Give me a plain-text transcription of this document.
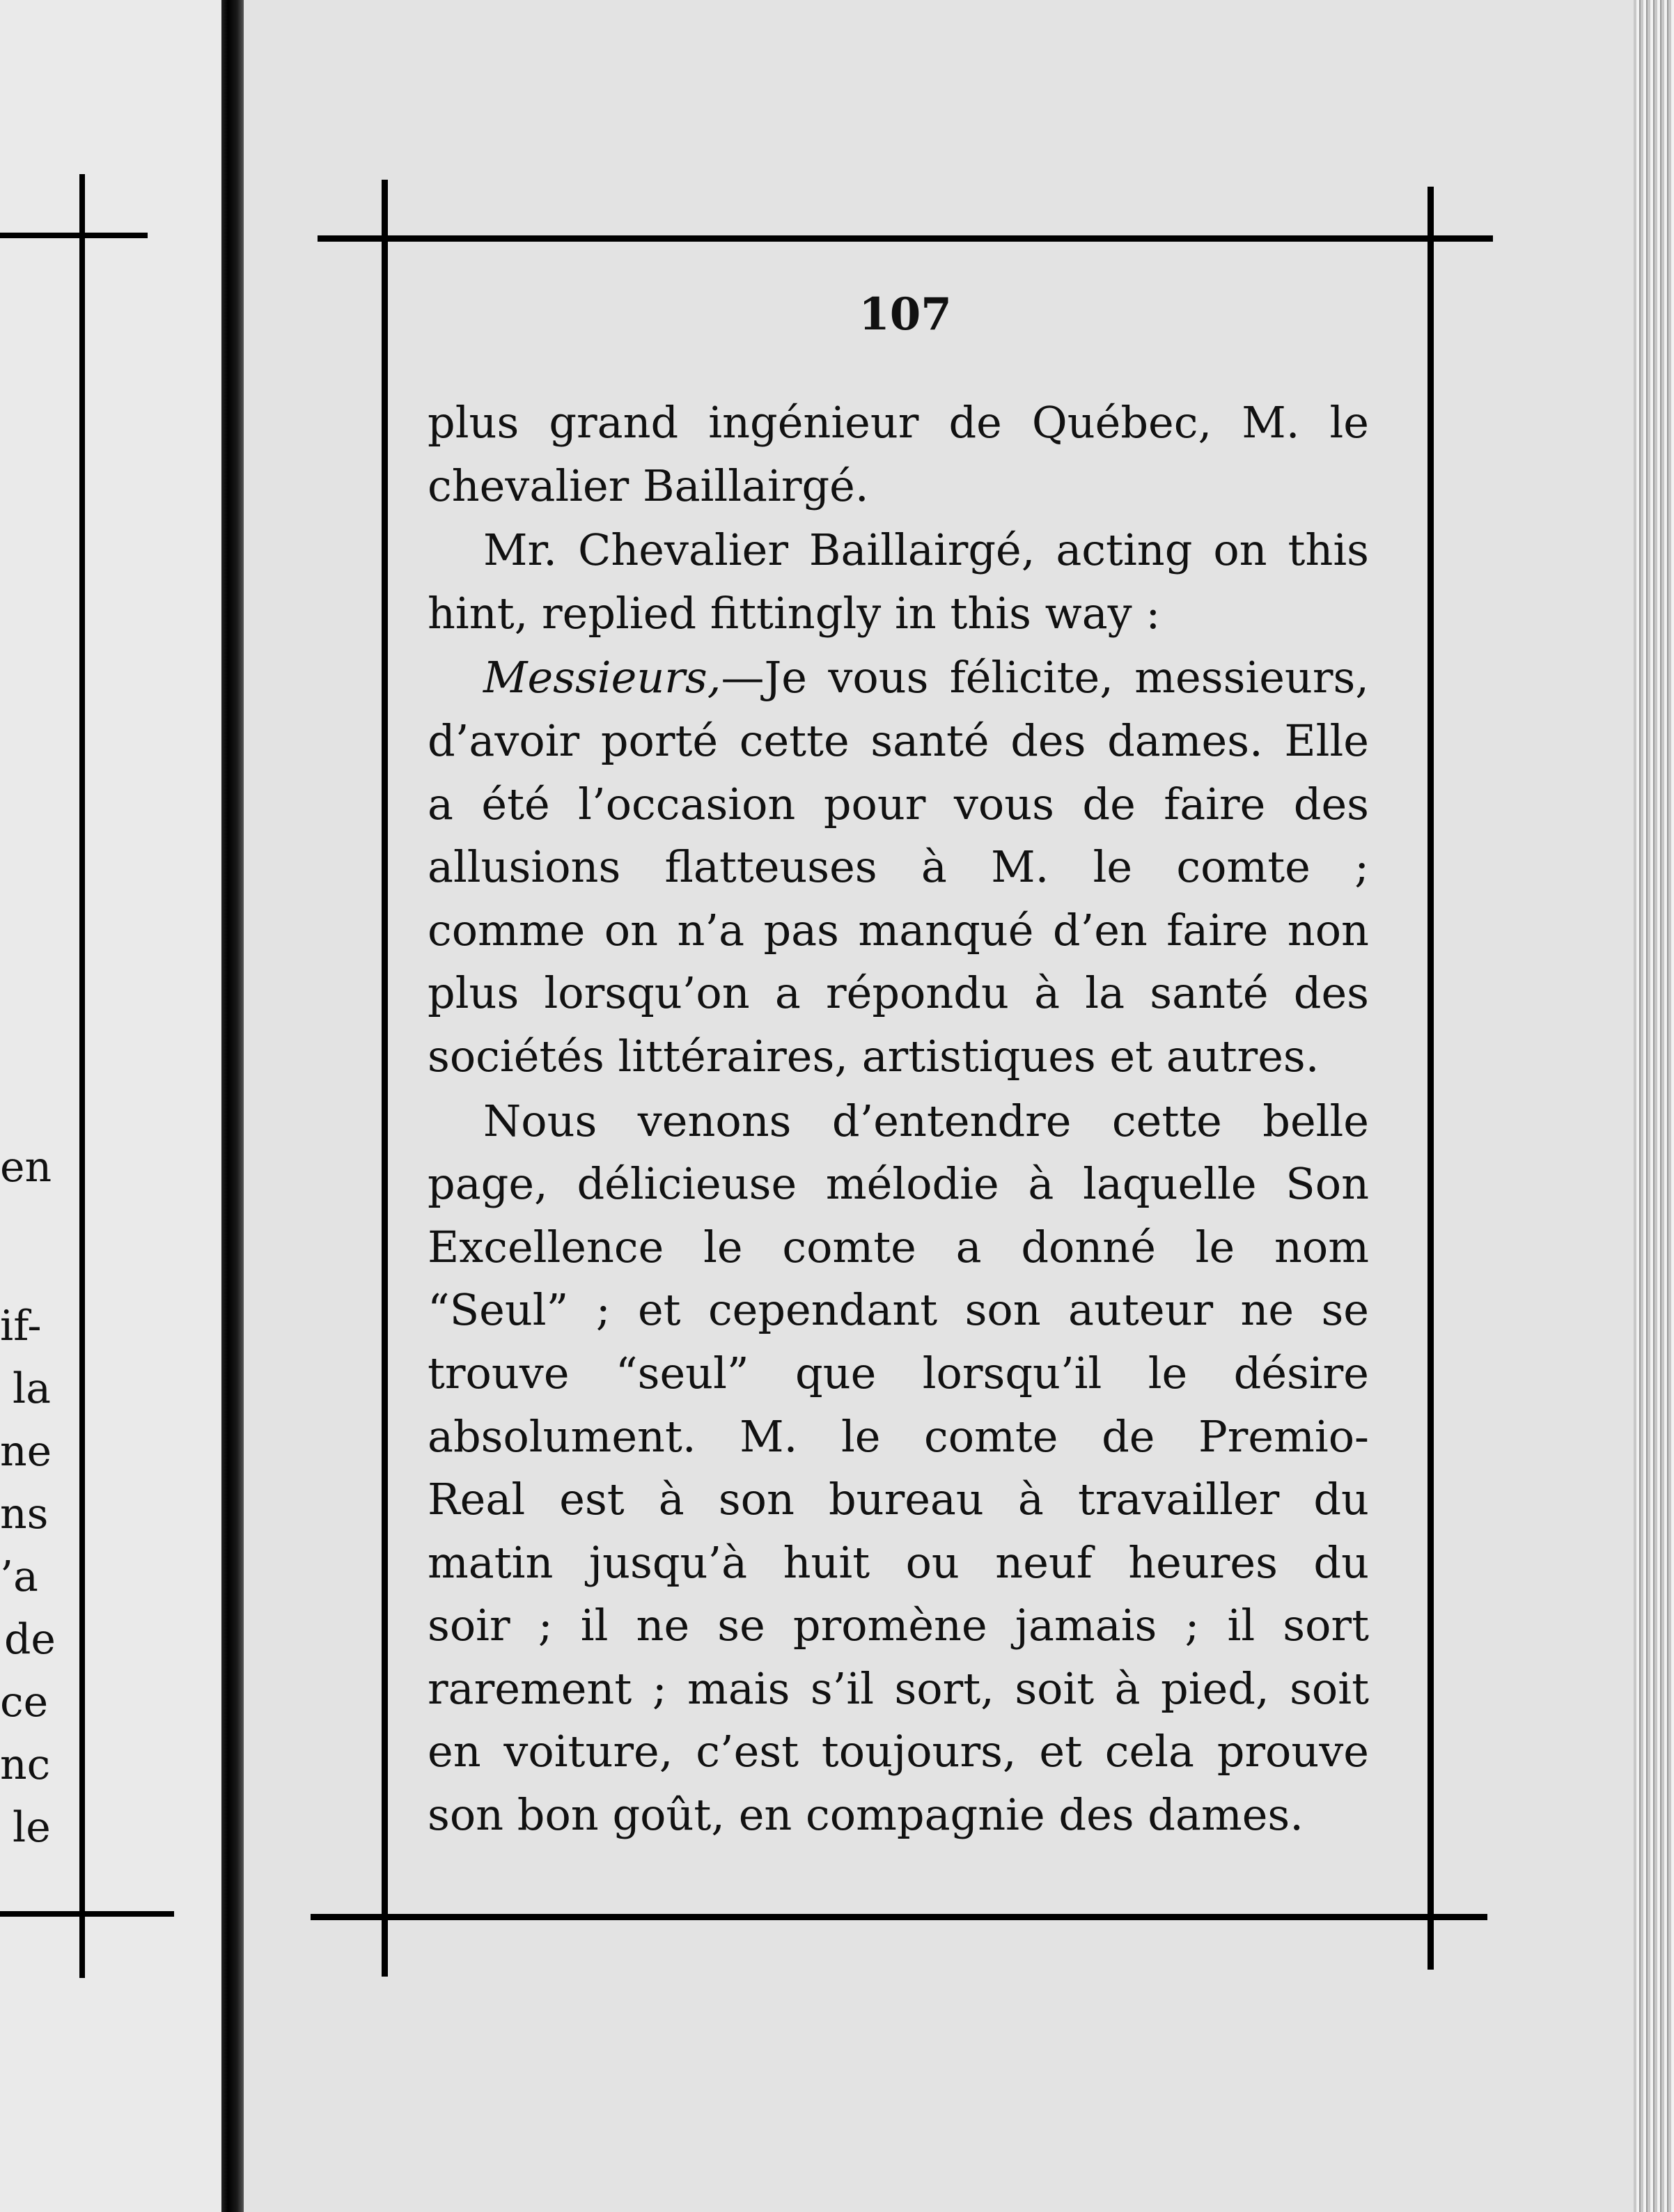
en
if-
la
ne
ns
’a
de
ce
nc
le
107
plus grand ingénieur de Québec, M. le
chevalier Baillairgé.
Mr. Chevalier Baillairgé, acting on this
hint, replied fittingly in this way :
Messieurs,—Je vous félicite, messieurs,
d’avoir porté cette santé des dames. Elle
a été l’occasion pour vous de faire des
allusions flatteuses à M. le comte ;
comme on n’a pas manqué d’en faire non
plus lorsqu’on a répondu à la santé des
sociétés littéraires, artistiques et autres.
Nous venons d’entendre cette belle
page, délicieuse mélodie à laquelle Son
Excellence le comte a donné le nom
“Seul” ; et cependant son auteur ne se
trouve “seul” que lorsqu’il le désire
absolument. M. le comte de Premio-
Real est à son bureau à travailler du
matin jusqu’à huit ou neuf heures du
soir ; il ne se promène jamais ; il sort
rarement ; mais s’il sort, soit à pied, soit
en voiture, c’est toujours, et cela prouve
son bon goût, en compagnie des dames.
